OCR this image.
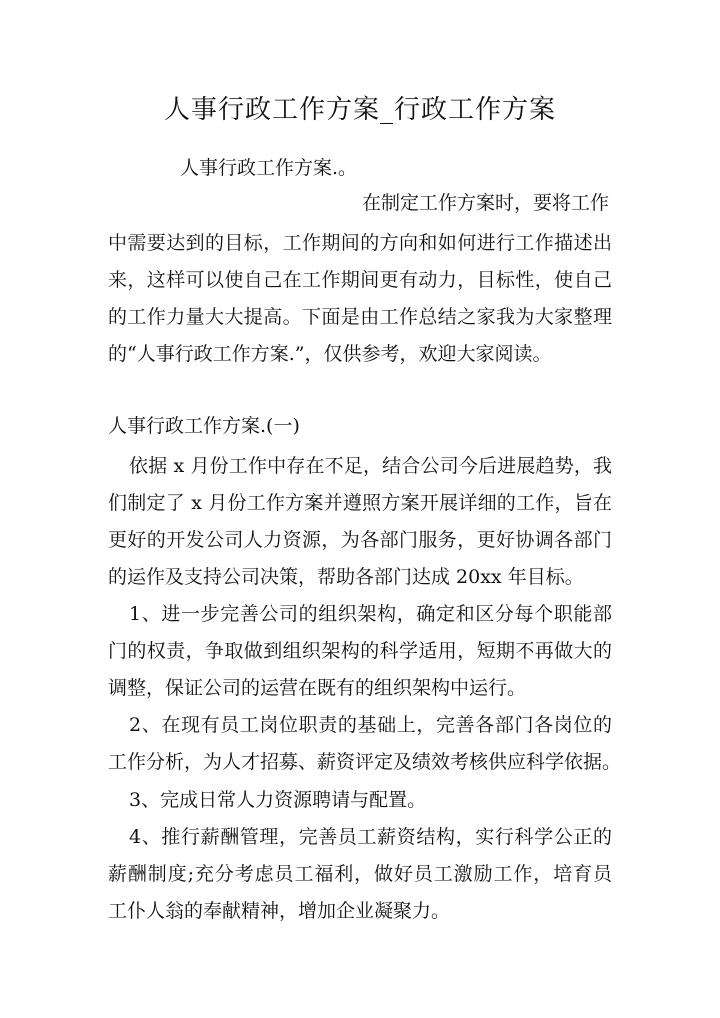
人事行政工作方案_行政工作方案
人事行政工作方案.。
在制定工作方案时，要将工作
中需要达到的目标，工作期间的方向和如何进行工作描述出
来，这样可以使自己在工作期间更有动力，目标性，使自己
的工作力量大大提高。下面是由工作总结之家我为大家整理
的“人事行政工作方案.”，仅供参考，欢迎大家阅读。
人事行政工作方案.(一)
依据 x 月份工作中存在不足，结合公司今后进展趋势，我
们制定了 x 月份工作方案并遵照方案开展详细的工作，旨在
更好的开发公司人力资源，为各部门服务，更好协调各部门
的运作及支持公司决策，帮助各部门达成 20xx 年目标。
1、进一步完善公司的组织架构，确定和区分每个职能部
门的权责，争取做到组织架构的科学适用，短期不再做大的
调整，保证公司的运营在既有的组织架构中运行。
2、在现有员工岗位职责的基础上，完善各部门各岗位的
工作分析，为人才招募、薪资评定及绩效考核供应科学依据。
3、完成日常人力资源聘请与配置。
4、推行薪酬管理，完善员工薪资结构，实行科学公正的
薪酬制度;充分考虑员工福利，做好员工激励工作，培育员
工仆人翁的奉献精神，增加企业凝聚力。
